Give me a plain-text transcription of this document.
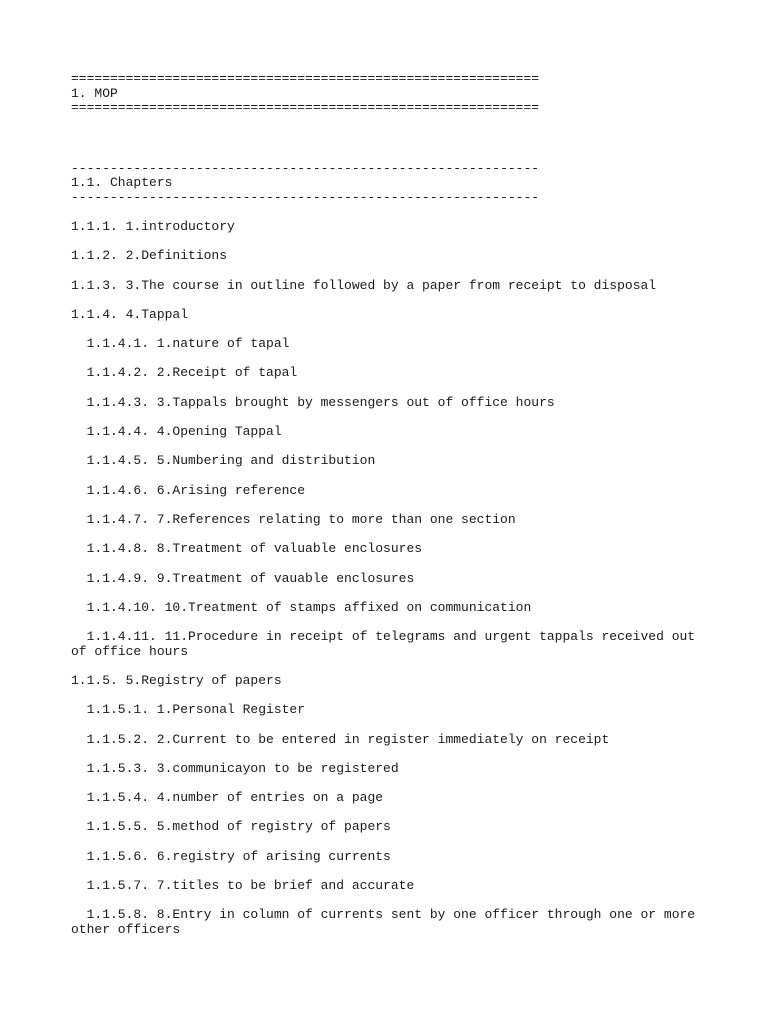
============================================================
1. MOP
============================================================
------------------------------------------------------------
1.1. Chapters
------------------------------------------------------------
1.1.1. 1.introductory
1.1.2. 2.Definitions
1.1.3. 3.The course in outline followed by a paper from receipt to disposal
1.1.4. 4.Tappal
1.1.4.1. 1.nature of tapal
1.1.4.2. 2.Receipt of tapal
1.1.4.3. 3.Tappals brought by messengers out of office hours
1.1.4.4. 4.Opening Tappal
1.1.4.5. 5.Numbering and distribution
1.1.4.6. 6.Arising reference
1.1.4.7. 7.References relating to more than one section
1.1.4.8. 8.Treatment of valuable enclosures
1.1.4.9. 9.Treatment of vauable enclosures
1.1.4.10. 10.Treatment of stamps affixed on communication
1.1.4.11. 11.Procedure in receipt of telegrams and urgent tappals received out of office hours
1.1.5. 5.Registry of papers
1.1.5.1. 1.Personal Register
1.1.5.2. 2.Current to be entered in register immediately on receipt
1.1.5.3. 3.communicayon to be registered
1.1.5.4. 4.number of entries on a page
1.1.5.5. 5.method of registry of papers
1.1.5.6. 6.registry of arising currents
1.1.5.7. 7.titles to be brief and accurate
1.1.5.8. 8.Entry in column of currents sent by one officer through one or more other officers
